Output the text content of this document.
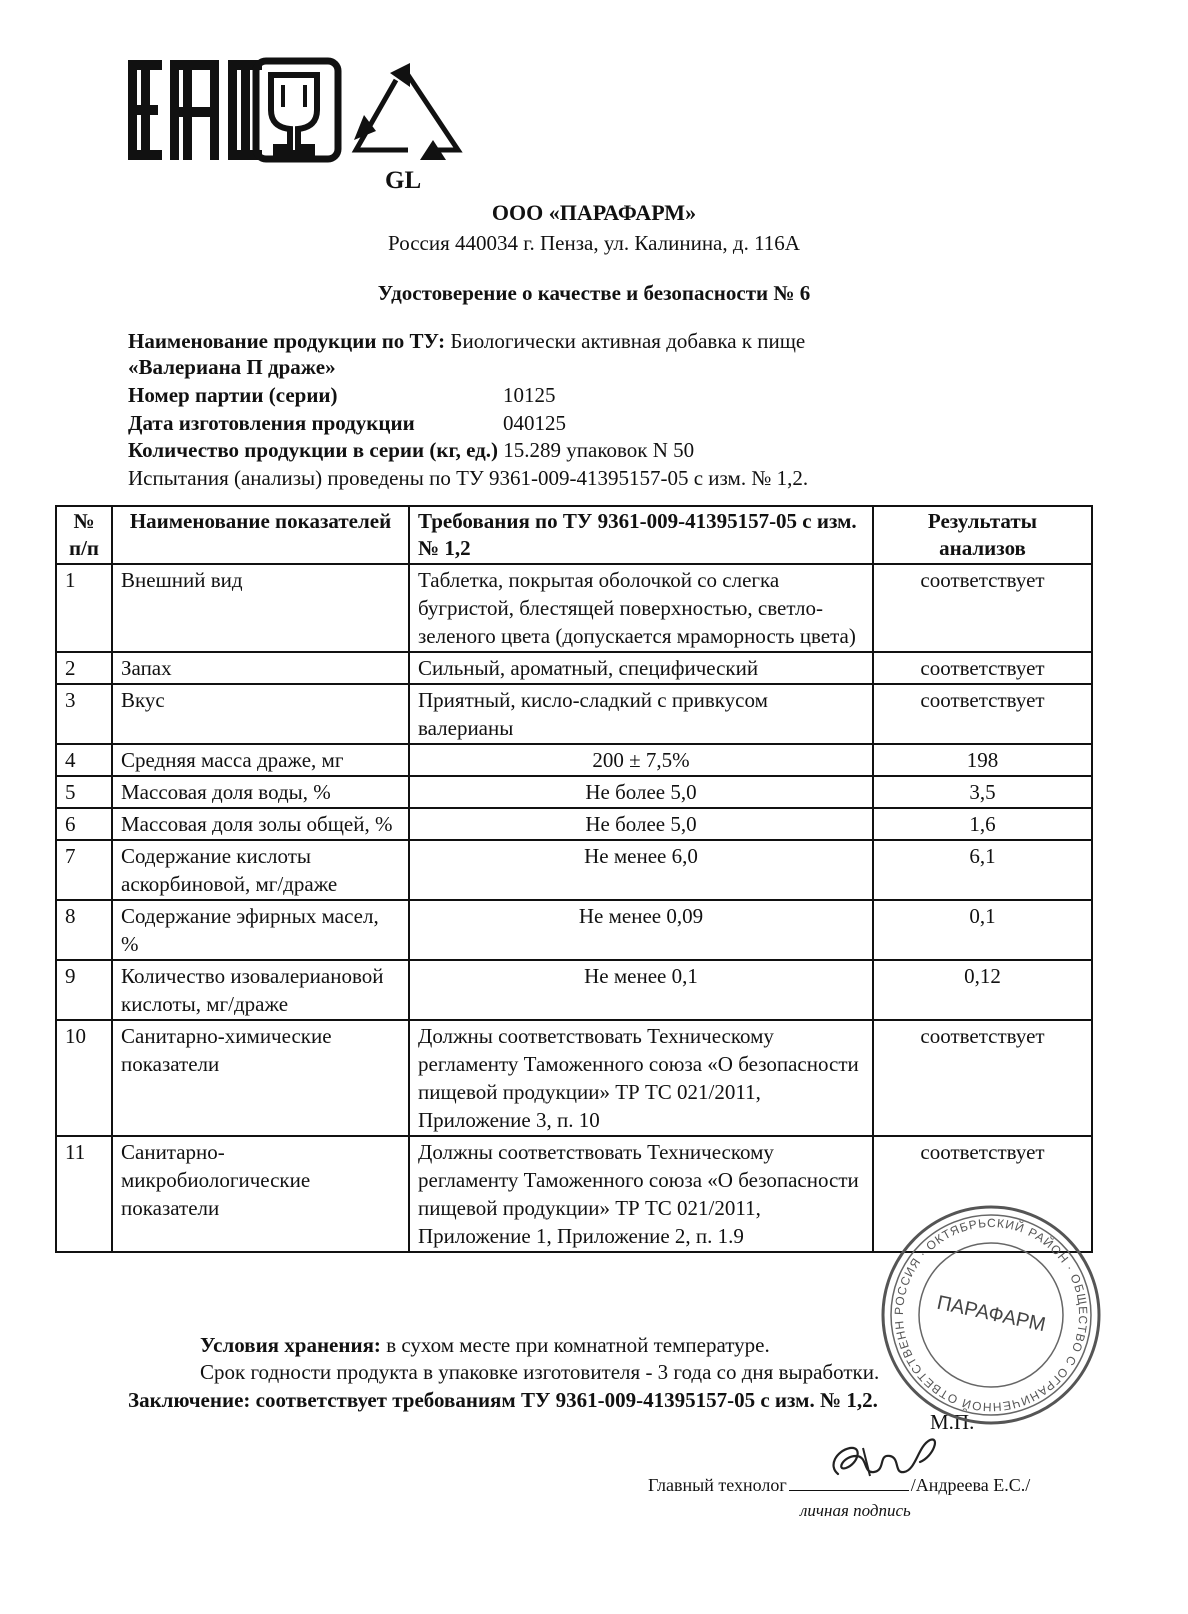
GL
ООО «ПАРАФАРМ»
Россия 440034 г. Пенза, ул. Калинина, д. 116А
Удостоверение о качестве и безопасности № 6
Наименование продукции по ТУ: Биологически активная добавка к пище
«Валериана П драже»
Номер партии (серии)	10125
Дата изготовления продукции	040125
Количество продукции в серии (кг, ед.) 15.289 упаковок N 50
Испытания (анализы) проведены по ТУ 9361-009-41395157-05 с изм. № 1,2.
№ п/п	Наименование показателей	Требования по ТУ 9361-009-41395157-05 с изм. № 1,2	Результаты анализов
1	Внешний вид	Таблетка, покрытая оболочкой со слегка бугристой, блестящей поверхностью, светло-зеленого цвета (допускается мраморность цвета)	соответствует
2	Запах	Сильный, ароматный, специфический	соответствует
3	Вкус	Приятный, кисло-сладкий с привкусом валерианы	соответствует
4	Средняя масса драже, мг	200 ± 7,5%	198
5	Массовая доля воды, %	Не более 5,0	3,5
6	Массовая доля золы общей, %	Не более 5,0	1,6
7	Содержание кислоты аскорбиновой, мг/драже	Не менее 6,0	6,1
8	Содержание эфирных масел, %	Не менее 0,09	0,1
9	Количество изовалериановой кислоты, мг/драже	Не менее 0,1	0,12
10	Санитарно-химические показатели	Должны соответствовать Техническому регламенту Таможенного союза «О безопасности пищевой продукции» ТР ТС 021/2011, Приложение 3, п. 10	соответствует
11	Санитарно-микробиологические показатели	Должны соответствовать Техническому регламенту Таможенного союза «О безопасности пищевой продукции» ТР ТС 021/2011, Приложение 1, Приложение 2, п. 1.9	соответствует
Условия хранения: в сухом месте при комнатной температуре.
Срок годности продукта в упаковке изготовителя - 3 года со дня выработки.
Заключение: соответствует требованиям ТУ 9361-009-41395157-05 с изм. № 1,2.
М.П.
РОССИЯ · ОКТЯБРЬСКИЙ РАЙОН · ОБЩЕСТВО С ОГРАНИЧЕННОЙ ОТВЕТСТВЕНН	ПАРАФАРМ
Главный технолог	/Андреева Е.С./
личная подпись
